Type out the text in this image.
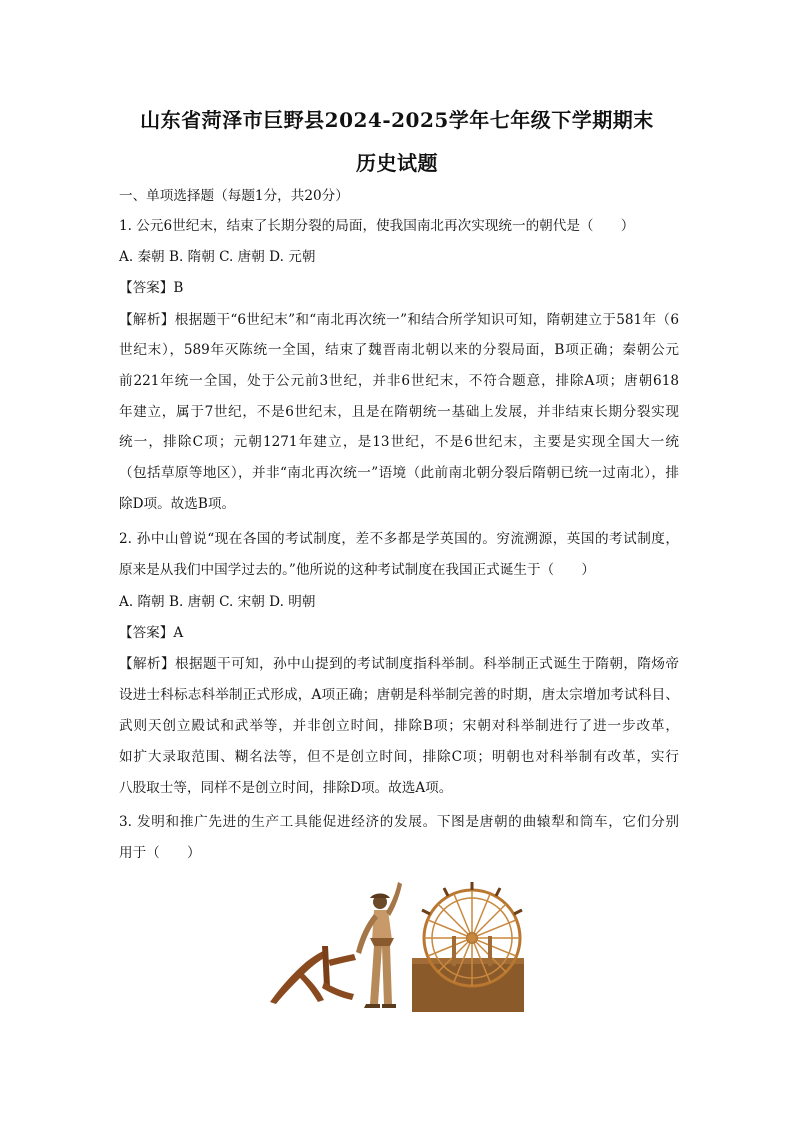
山东省菏泽市巨野县2024-2025学年七年级下学期期末
历史试题
一、单项选择题（每题1分，共20分）
1. 公元6世纪末，结束了长期分裂的局面，使我国南北再次实现统一的朝代是（　　）
A. 秦朝 B. 隋朝 C. 唐朝 D. 元朝
【答案】B
【解析】根据题干“6世纪末”和“南北再次统一”和结合所学知识可知，隋朝建立于581年（6
世纪末），589年灭陈统一全国，结束了魏晋南北朝以来的分裂局面，B项正确；秦朝公元
前221年统一全国，处于公元前3世纪，并非6世纪末，不符合题意，排除A项；唐朝618
年建立，属于7世纪，不是6世纪末，且是在隋朝统一基础上发展，并非结束长期分裂实现
统一，排除C项；元朝1271年建立，是13世纪，不是6世纪末，主要是实现全国大一统
（包括草原等地区），并非“南北再次统一”语境（此前南北朝分裂后隋朝已统一过南北），排
除D项。故选B项。
2. 孙中山曾说“现在各国的考试制度，差不多都是学英国的。穷流溯源，英国的考试制度，
原来是从我们中国学过去的。”他所说的这种考试制度在我国正式诞生于（　　）
A. 隋朝 B. 唐朝 C. 宋朝 D. 明朝
【答案】A
【解析】根据题干可知，孙中山提到的考试制度指科举制。科举制正式诞生于隋朝，隋炀帝
设进士科标志科举制正式形成，A项正确；唐朝是科举制完善的时期，唐太宗增加考试科目、
武则天创立殿试和武举等，并非创立时间，排除B项；宋朝对科举制进行了进一步改革，
如扩大录取范围、糊名法等，但不是创立时间，排除C项；明朝也对科举制有改革，实行
八股取士等，同样不是创立时间，排除D项。故选A项。
3. 发明和推广先进的生产工具能促进经济的发展。下图是唐朝的曲辕犁和筒车，它们分别
用于（　　）
